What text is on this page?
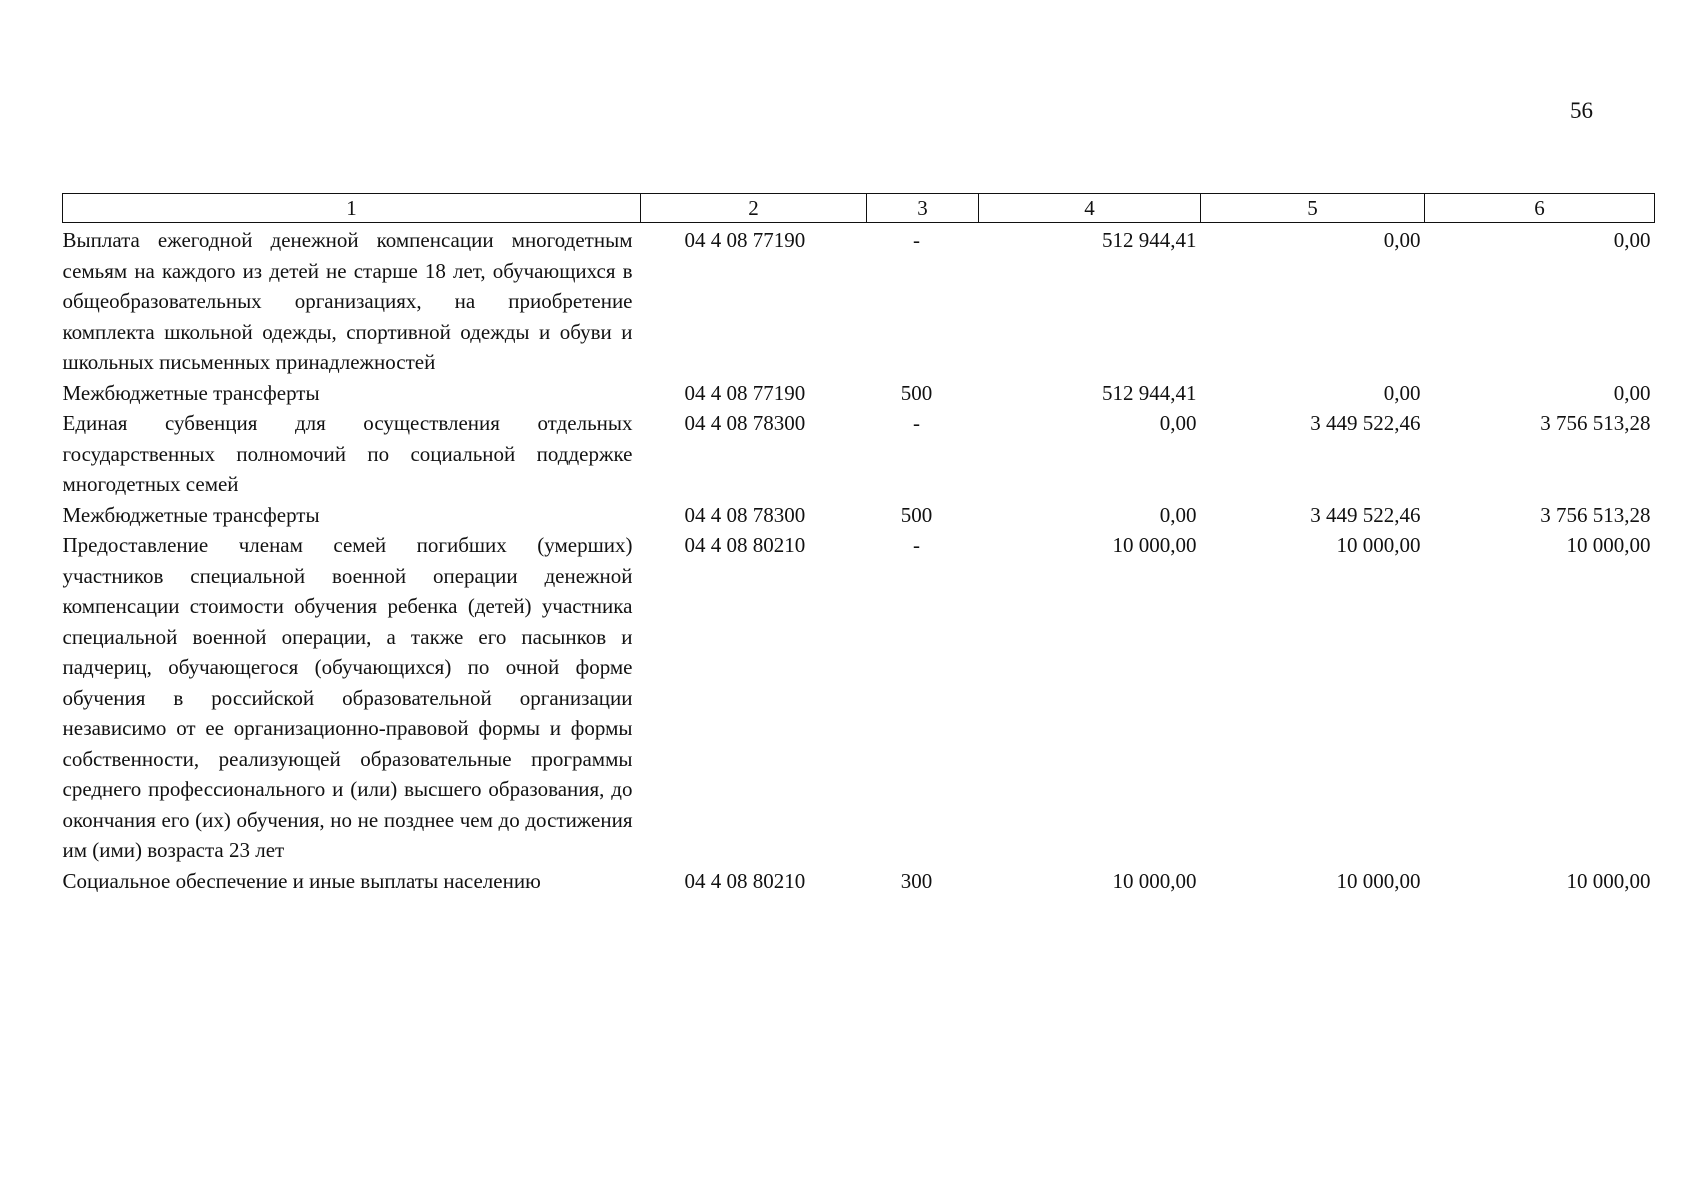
56
1	2	3	4	5	6
Выплата ежегодной денежной компенсации многодетным семьям на каждого из детей не старше 18 лет, обучающихся в общеобразовательных организациях, на приобретение комплекта школьной одежды, спортивной одежды и обуви и школьных письменных принадлежностей	04 4 08 77190	-	512 944,41	0,00	0,00
Межбюджетные трансферты	04 4 08 77190	500	512 944,41	0,00	0,00
Единая субвенция для осуществления отдельных государственных полномочий по социальной поддержке многодетных семей	04 4 08 78300	-	0,00	3 449 522,46	3 756 513,28
Межбюджетные трансферты	04 4 08 78300	500	0,00	3 449 522,46	3 756 513,28
Предоставление членам семей погибших (умерших) участников специальной военной операции денежной компенсации стоимости обучения ребенка (детей) участника специальной военной операции, а также его пасынков и падчериц, обучающегося (обучающихся) по очной форме обучения в российской образовательной организации независимо от ее организационно-правовой формы и формы собственности, реализующей образовательные программы среднего профессионального и (или) высшего образования, до окончания его (их) обучения, но не позднее чем до достижения им (ими) возраста 23 лет	04 4 08 80210	-	10 000,00	10 000,00	10 000,00
Социальное обеспечение и иные выплаты населению	04 4 08 80210	300	10 000,00	10 000,00	10 000,00
